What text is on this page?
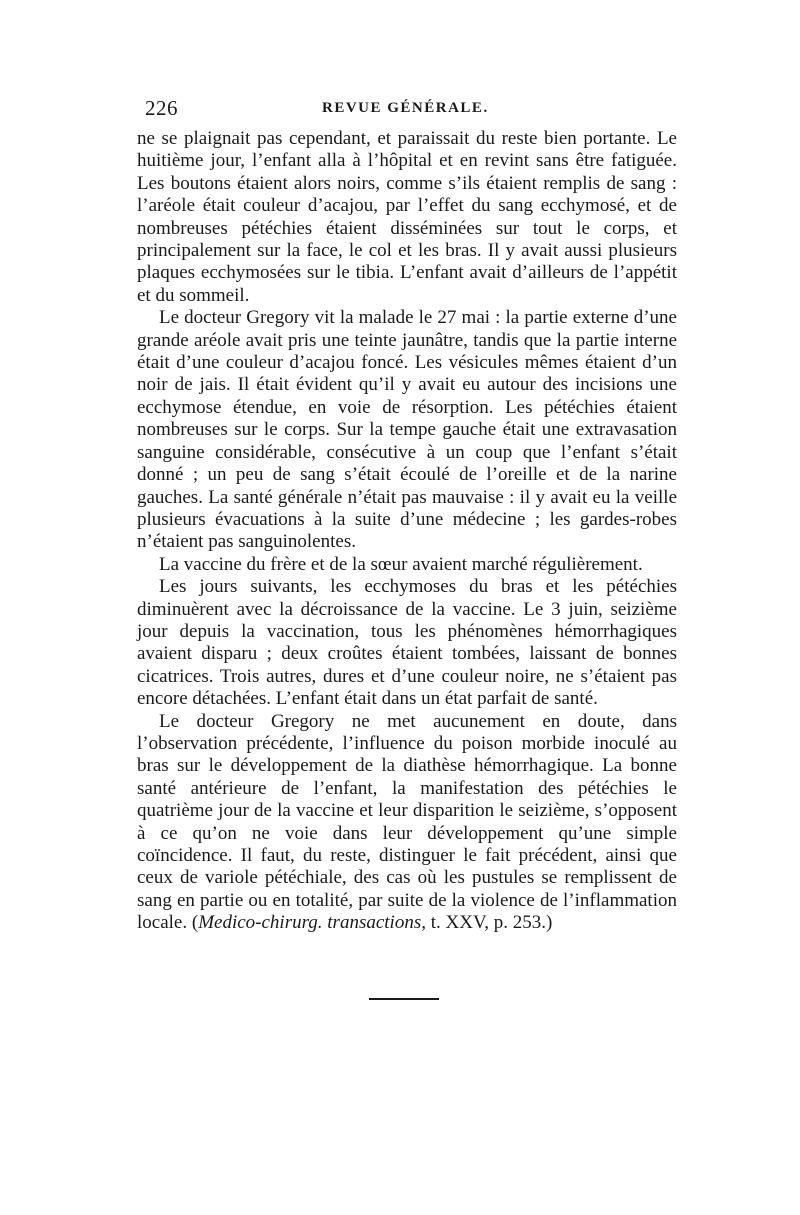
226	REVUE GÉNÉRALE.

ne se plaignait pas cependant, et paraissait du reste bien portante. Le huitième jour, l’enfant alla à l’hôpital et en revint sans être fatiguée. Les boutons étaient alors noirs, comme s’ils étaient remplis de sang : l’aréole était couleur d’acajou, par l’effet du sang ecchymosé, et de nombreuses pétéchies étaient disséminées sur tout le corps, et principalement sur la face, le col et les bras. Il y avait aussi plusieurs plaques ecchymosées sur le tibia. L’enfant avait d’ailleurs de l’appétit et du sommeil.

Le docteur Gregory vit la malade le 27 mai : la partie externe d’une grande aréole avait pris une teinte jaunâtre, tandis que la partie interne était d’une couleur d’acajou foncé. Les vésicules mêmes étaient d’un noir de jais. Il était évident qu’il y avait eu autour des incisions une ecchymose étendue, en voie de résorption. Les pétéchies étaient nombreuses sur le corps. Sur la tempe gauche était une extravasation sanguine considérable, consécutive à un coup que l’enfant s’était donné ; un peu de sang s’était écoulé de l’oreille et de la narine gauches. La santé générale n’était pas mauvaise : il y avait eu la veille plusieurs évacuations à la suite d’une médecine ; les gardes-robes n’étaient pas sanguinolentes.

La vaccine du frère et de la sœur avaient marché régulièrement.

Les jours suivants, les ecchymoses du bras et les pétéchies diminuèrent avec la décroissance de la vaccine. Le 3 juin, seizième jour depuis la vaccination, tous les phénomènes hémorrhagiques avaient disparu ; deux croûtes étaient tombées, laissant de bonnes cicatrices. Trois autres, dures et d’une couleur noire, ne s’étaient pas encore détachées. L’enfant était dans un état parfait de santé.

Le docteur Gregory ne met aucunement en doute, dans l’observation précédente, l’influence du poison morbide inoculé au bras sur le développement de la diathèse hémorrhagique. La bonne santé antérieure de l’enfant, la manifestation des pétéchies le quatrième jour de la vaccine et leur disparition le seizième, s’opposent à ce qu’on ne voie dans leur développement qu’une simple coïncidence. Il faut, du reste, distinguer le fait précédent, ainsi que ceux de variole pétéchiale, des cas où les pustules se remplissent de sang en partie ou en totalité, par suite de la violence de l’inflammation locale. (Medico-chirurg. transactions, t. XXV, p. 253.)
